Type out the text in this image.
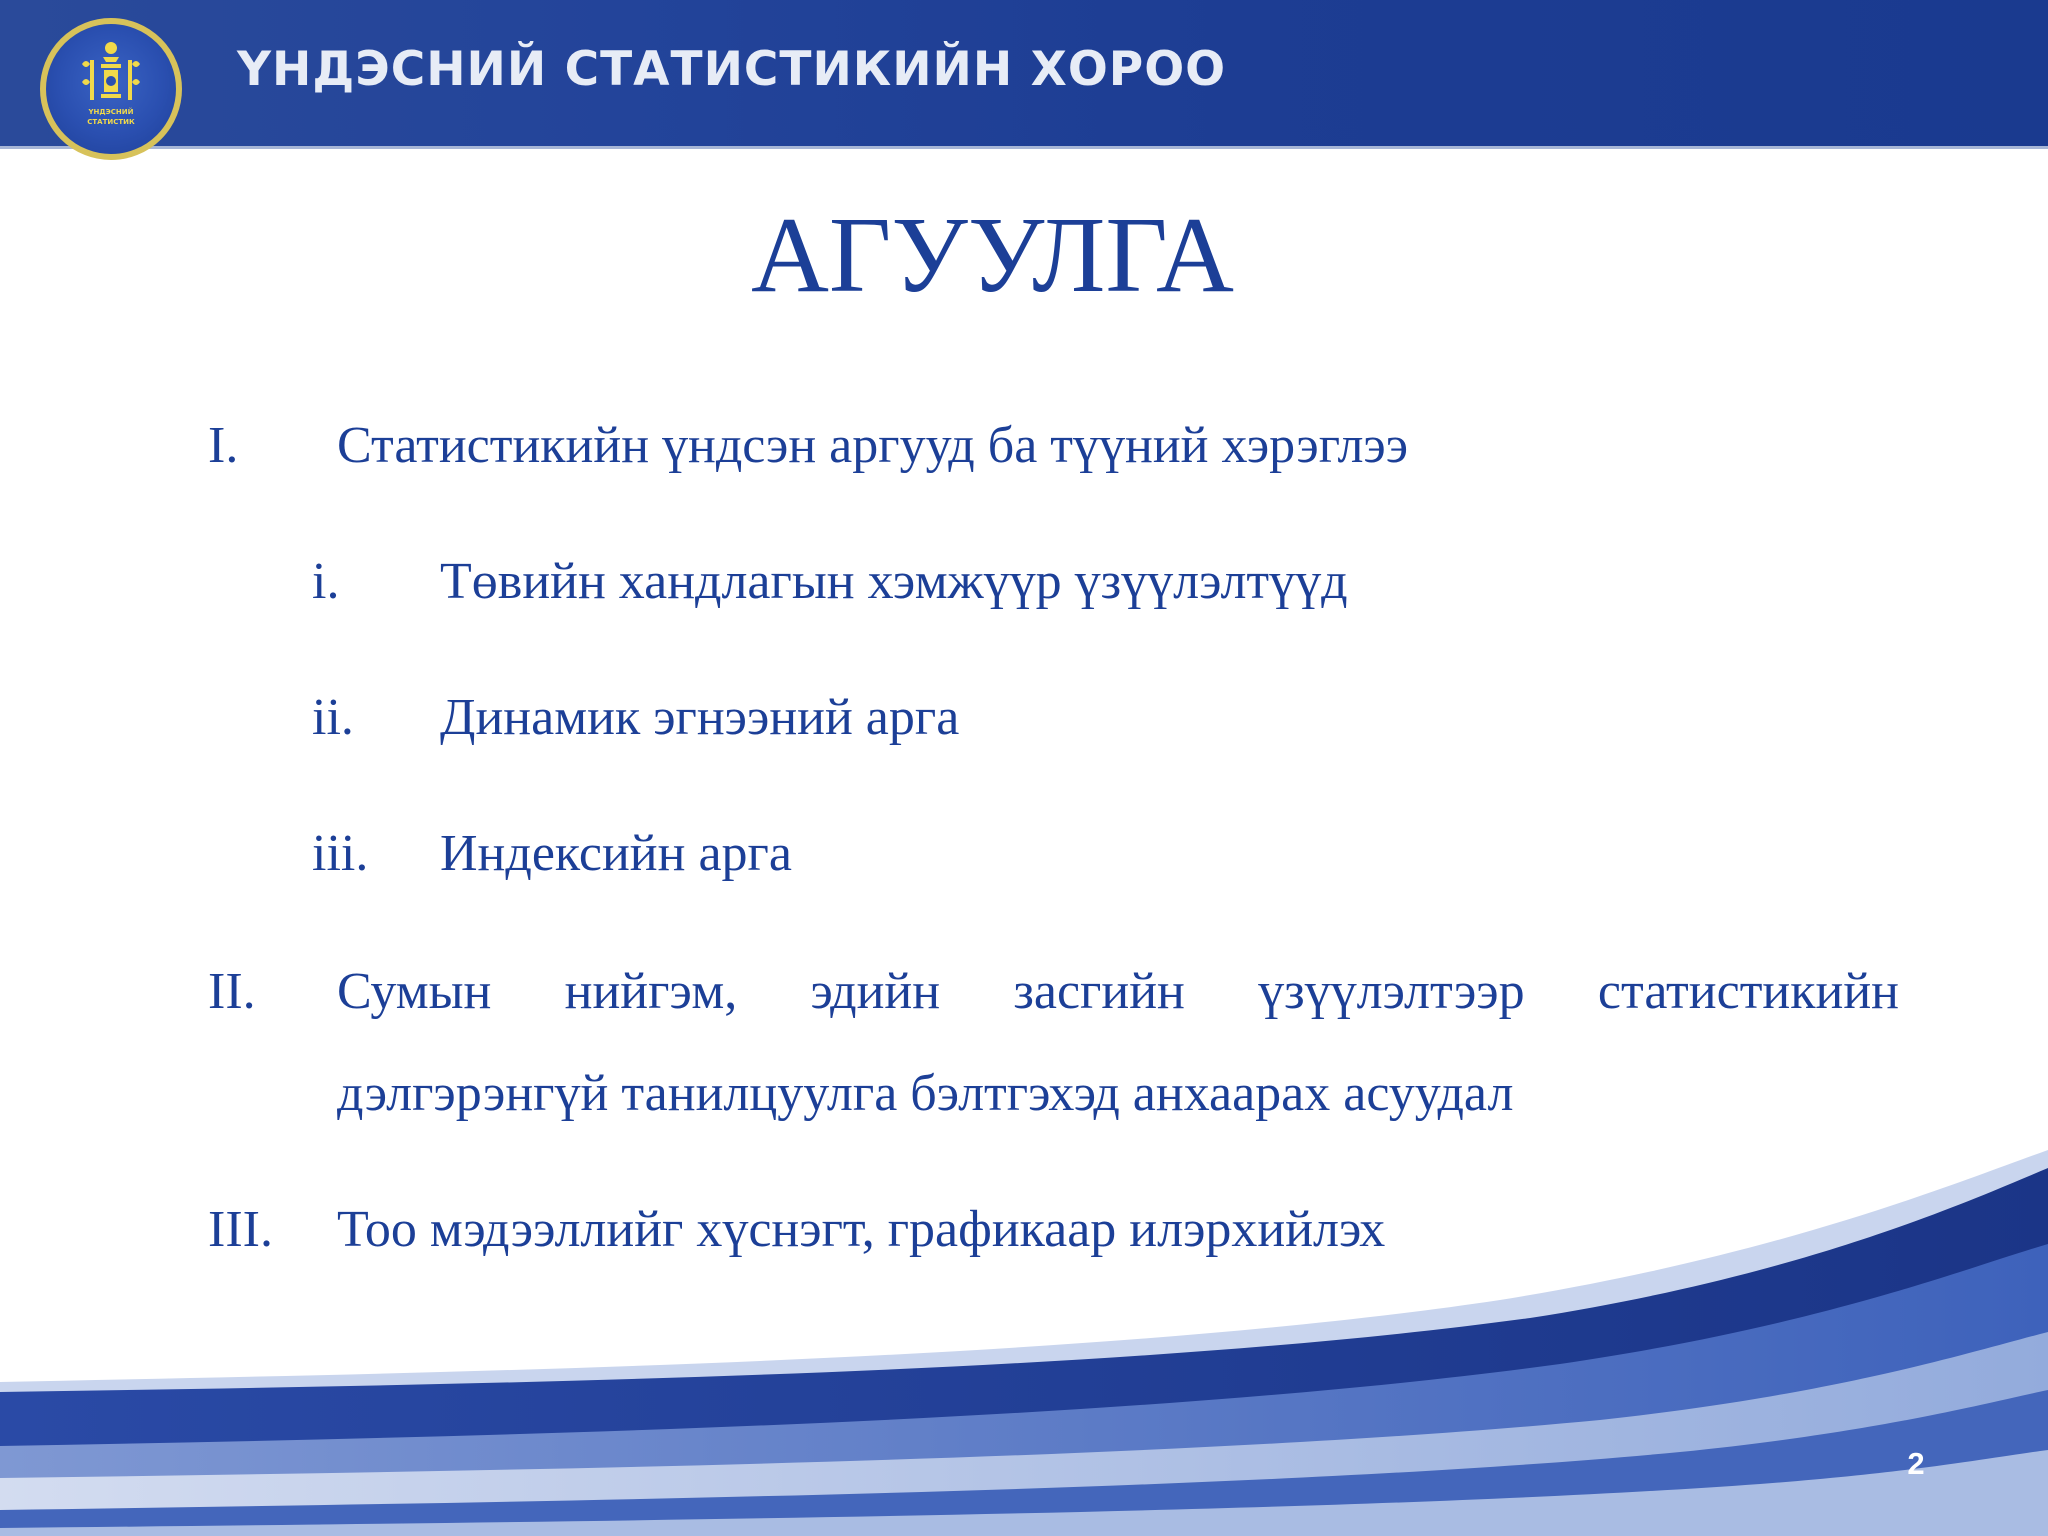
ҮНДЭСНИЙ
СТАТИСТИК
ҮНДЭСНИЙ СТАТИСТИКИЙН ХОРОО
АГУУЛГА
I. Статистикийн үндсэн аргууд ба түүний хэрэглээ
i. Төвийн хандлагын хэмжүүр үзүүлэлтүүд
ii. Динамик эгнээний арга
iii. Индексийн арга
II. Сумын нийгэм, эдийн засгийн үзүүлэлтээр статистикийн
дэлгэрэнгүй танилцуулга бэлтгэхэд анхаарах асуудал
III. Тоо мэдээллийг хүснэгт, графикаар илэрхийлэх
2
